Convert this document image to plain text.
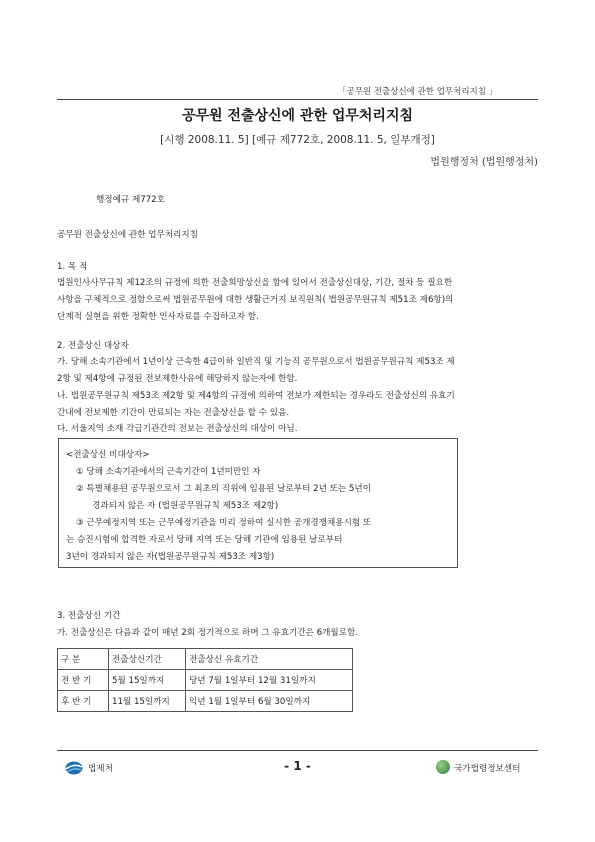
「공무원 전출상신에 관한 업무처리지침 」
공무원 전출상신에 관한 업무처리지침
[시행 2008.11. 5] [예규 제772호, 2008.11. 5, 일부개정]
법원행정처 (법원행정처)
행정예규 제772호
공무원 전출상신에 관한 업무처리지침
1. 목 적
법원인사사무규칙 제12조의 규정에 의한 전출희망상신을 함에 있어서 전출상신대상, 기간, 절차 등 필요한
사항을 구체적으로 정함으로써 법원공무원에 대한 생활근거지 보직원칙( 법원공무원규칙 제51조 제6항)의
단계적 실현을 위한 정확한 인사자료를 수집하고자 함.
2. 전출상신 대상자
가. 당해 소속기관에서 1년이상 근속한 4급이하 일반직 및 기능직 공무원으로서 법원공무원규칙 제53조 제
2항 및 제4항에 규정된 전보제한사유에 해당하지 않는자에 한함.
나. 법원공무원규칙 제53조 제2항 및 제4항의 규정에 의하여 전보가 제한되는 경우라도 전출상신의 유효기
간내에 전보제한 기간이 만료되는 자는 전출상신을 할 수 있음.
다. 서울지역 소재 각급기관간의 전보는 전출상신의 대상이 아님.
<전출상신 비대상자>
① 당해 소속기관에서의 근속기간이 1년미만인 자
② 특별채용된 공무원으로서 그 최초의 직위에 임용된 날로부터 2년 또는 5년이
경과되지 않은 자 (법원공무원규칙 제53조 제2항)
③ 근무예정지역 또는 근무예정기관을 미리 정하여 실시한 공개경쟁채용시험 또
는 승진시험에 합격한 자로서 당해 지역 또는 당해 기관에 임용된 날로부터
3년이 경과되지 않은 자(법원공무원규칙 제53조 제3항)
3. 전출상신 기간
가. 전출상신은 다음과 같이 매년 2회 정기적으로 하며 그 유효기간은 6개월로함.
구 분	전출상신기간	전출상신 유효기간
전 반 기	5월 15일까지	당년 7월 1일부터 12월 31일까지
후 반 기	11월 15일까지	익년 1월 1일부터 6월 30일까지
법제처	- 1 -	국가법령정보센터
